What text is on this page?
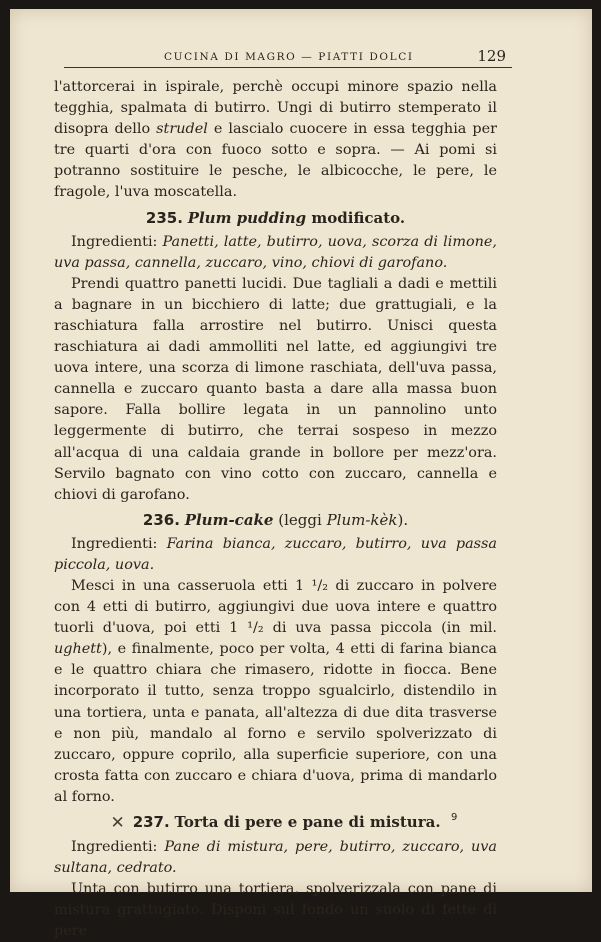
CUCINA DI MAGRO — PIATTI DOLCI	129

l'attorcerai in ispirale, perchè occupi minore spazio nella tegghia, spalmata di butirro. Ungi di butirro stemperato il disopra dello strudel e lascialo cuocere in essa tegghia per tre quarti d'ora con fuoco sotto e sopra. — Ai pomi si potranno sostituire le pesche, le albicocche, le pere, le fragole, l'uva moscatella.

235. Plum pudding modificato.

Ingredienti: Panetti, latte, butirro, uova, scorza di limone, uva passa, cannella, zuccaro, vino, chiovi di garofano.

Prendi quattro panetti lucidi. Due tagliali a dadi e mettili a bagnare in un bicchiero di latte; due grattugiali, e la raschiatura falla arrostire nel butirro. Unisci questa raschiatura ai dadi ammolliti nel latte, ed aggiungivi tre uova intere, una scorza di limone raschiata, dell'uva passa, cannella e zuccaro quanto basta a dare alla massa buon sapore. Falla bollire legata in un pannolino unto leggermente di butirro, che terrai sospeso in mezzo all'acqua di una caldaia grande in bollore per mezz'ora. Servilo bagnato con vino cotto con zuccaro, cannella e chiovi di garofano.

236. Plum-cake (leggi Plum-kèk).

Ingredienti: Farina bianca, zuccaro, butirro, uva passa piccola, uova.

Mesci in una casseruola etti 1 ¹/₂ di zuccaro in polvere con 4 etti di butirro, aggiungivi due uova intere e quattro tuorli d'uova, poi etti 1 ¹/₂ di uva passa piccola (in mil. ughett), e finalmente, poco per volta, 4 etti di farina bianca e le quattro chiara che rimasero, ridotte in fiocca. Bene incorporato il tutto, senza troppo sgualcirlo, distendilo in una tortiera, unta e panata, all'altezza di due dita trasverse e non più, mandalo al forno e servilo spolverizzato di zuccaro, oppure coprilo, alla superficie superiore, con una crosta fatta con zuccaro e chiara d'uova, prima di mandarlo al forno.

✕ 237. Torta di pere e pane di mistura.

Ingredienti: Pane di mistura, pere, butirro, zuccaro, uva sultana, cedrato.

Unta con butirro una tortiera, spolverizzala con pane di mistura grattugiato. Disponi sul fondo un suolo di fette di pere

9
